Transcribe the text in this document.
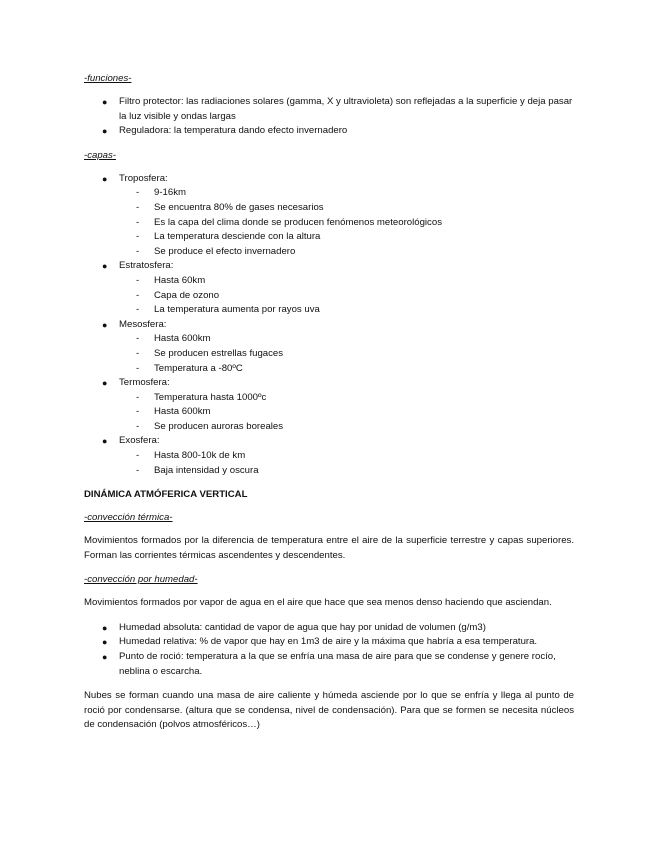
-funciones-

● Filtro protector: las radiaciones solares (gamma, X y ultravioleta) son reflejadas a la superficie y deja pasar la luz visible y ondas largas
● Reguladora: la temperatura dando efecto invernadero

-capas-

● Troposfera:
- 9-16km
- Se encuentra 80% de gases necesarios
- Es la capa del clima donde se producen fenómenos meteorológicos
- La temperatura desciende con la altura
- Se produce el efecto invernadero
● Estratosfera:
- Hasta 60km
- Capa de ozono
- La temperatura aumenta por rayos uva
● Mesosfera:
- Hasta 600km
- Se producen estrellas fugaces
- Temperatura a -80ºC
● Termosfera:
- Temperatura hasta 1000ºc
- Hasta 600km
- Se producen auroras boreales
● Exosfera:
- Hasta 800-10k de km
- Baja intensidad y oscura

DINÁMICA ATMÓFERICA VERTICAL

-convección térmica-

Movimientos formados por la diferencia de temperatura entre el aire de la superficie terrestre y capas superiores. Forman las corrientes térmicas ascendentes y descendentes.

-convección por humedad-

Movimientos formados por vapor de agua en el aire que hace que sea menos denso haciendo que asciendan.

● Humedad absoluta: cantidad de vapor de agua que hay por unidad de volumen (g/m3)
● Humedad relativa: % de vapor que hay en 1m3 de aire y la máxima que habría a esa temperatura.
● Punto de roció: temperatura a la que se enfría una masa de aire para que se condense y genere rocío, neblina o escarcha.

Nubes se forman cuando una masa de aire caliente y húmeda asciende por lo que se enfría y llega al punto de roció por condensarse. (altura que se condensa, nivel de condensación). Para que se formen se necesita núcleos de condensación (polvos atmosféricos…)
